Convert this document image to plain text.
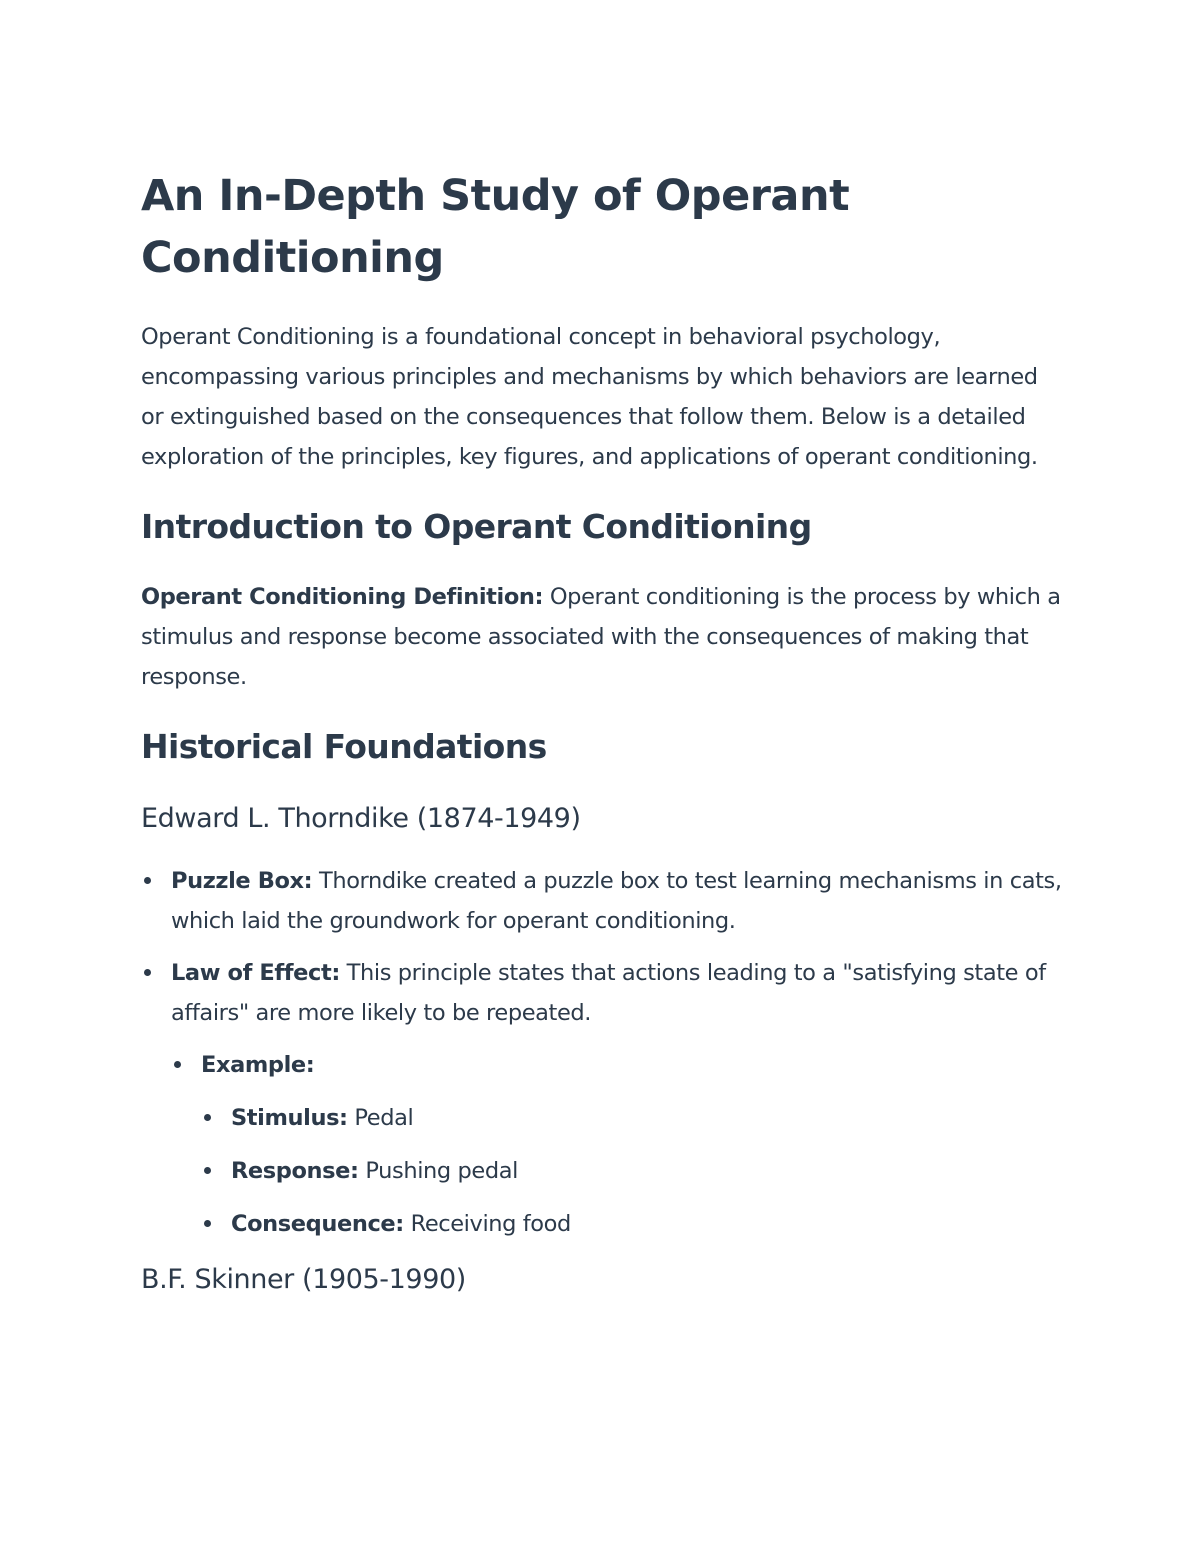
An In-Depth Study of Operant Conditioning

Operant Conditioning is a foundational concept in behavioral psychology, encompassing various principles and mechanisms by which behaviors are learned or extinguished based on the consequences that follow them. Below is a detailed exploration of the principles, key figures, and applications of operant conditioning.

Introduction to Operant Conditioning

Operant Conditioning Definition: Operant conditioning is the process by which a stimulus and response become associated with the consequences of making that response.

Historical Foundations
Edward L. Thorndike (1874-1949)
Puzzle Box: Thorndike created a puzzle box to test learning mechanisms in cats, which laid the groundwork for operant conditioning.
Law of Effect: This principle states that actions leading to a "satisfying state of affairs" are more likely to be repeated.
Example:
Stimulus: Pedal
Response: Pushing pedal
Consequence: Receiving food
B.F. Skinner (1905-1990)
